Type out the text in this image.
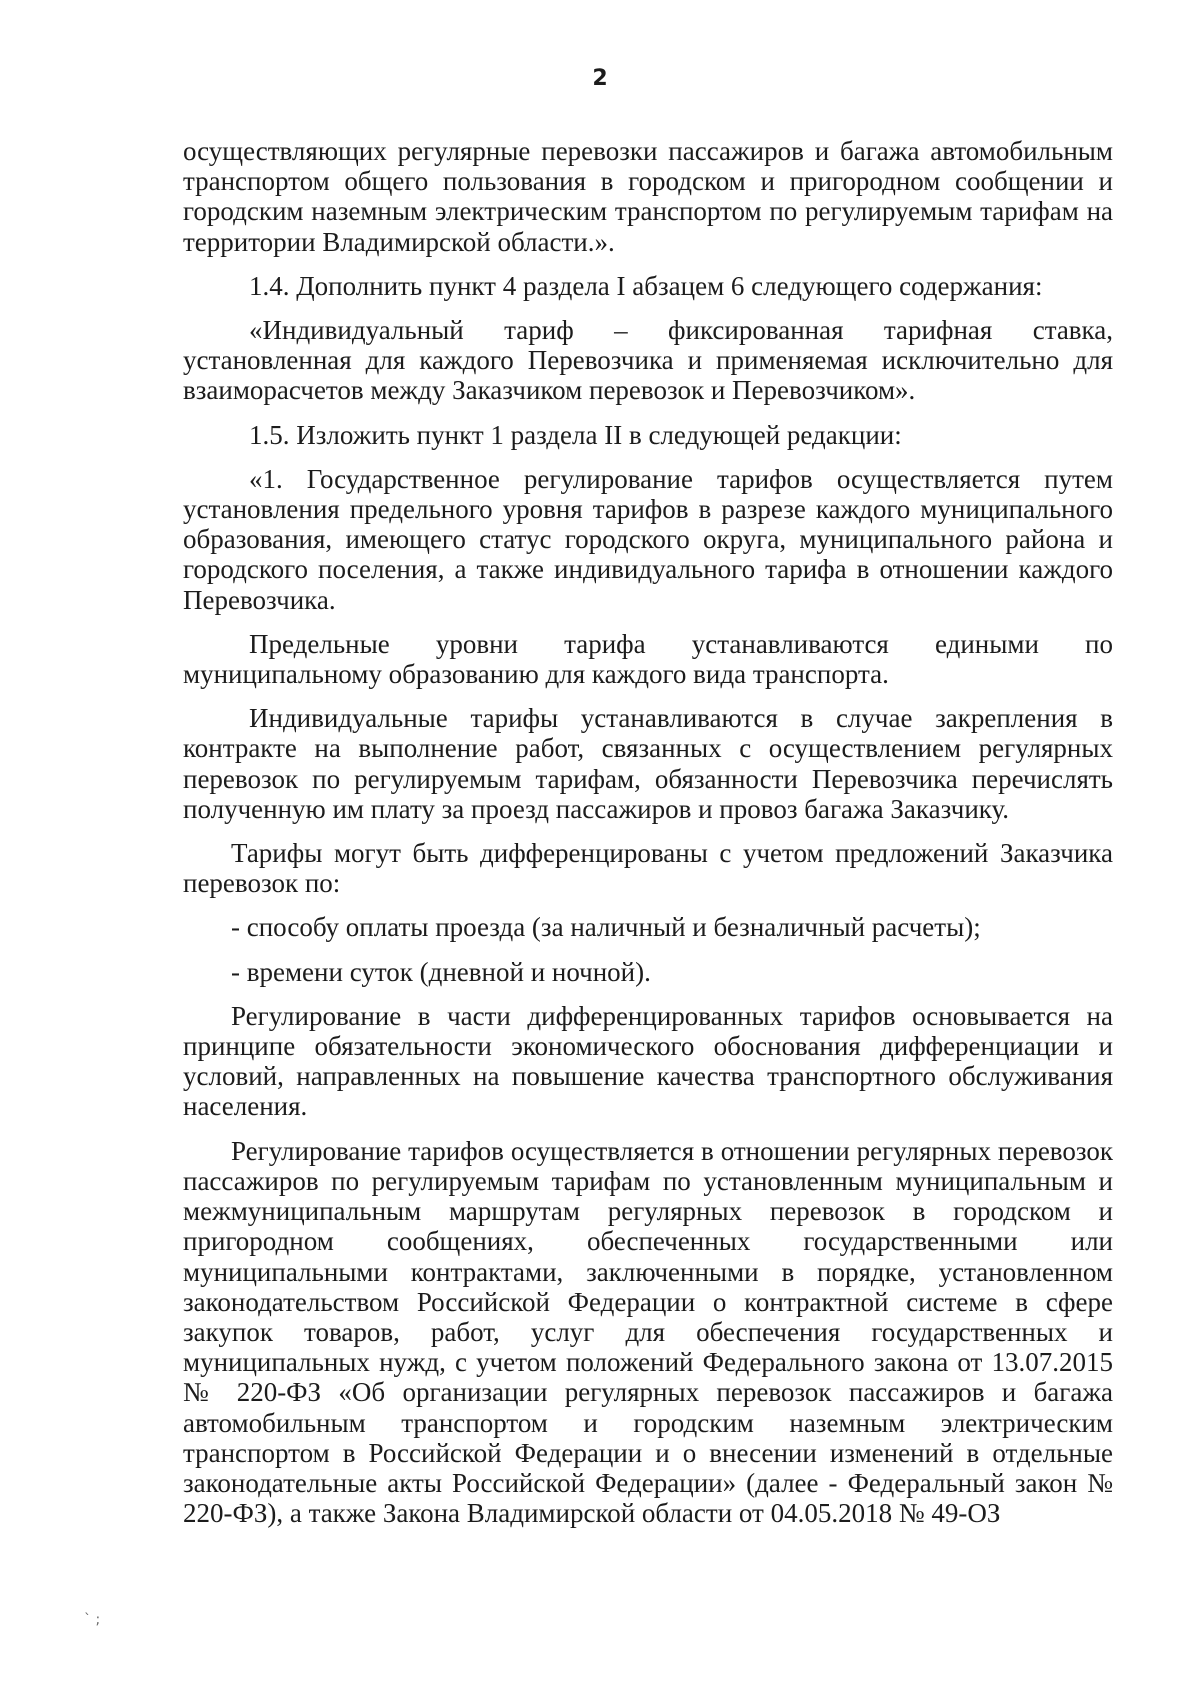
2

осуществляющих регулярные перевозки пассажиров и багажа автомобильным транспортом общего пользования в городском и пригородном сообщении и городским наземным электрическим транспортом по регулируемым тарифам на территории Владимирской области.».

1.4. Дополнить пункт 4 раздела I абзацем 6 следующего содержания:

«Индивидуальный тариф – фиксированная тарифная ставка, установленная для каждого Перевозчика и применяемая исключительно для взаиморасчетов между Заказчиком перевозок и Перевозчиком».

1.5. Изложить пункт 1 раздела II в следующей редакции:

«1. Государственное регулирование тарифов осуществляется путем установления предельного уровня тарифов в разрезе каждого муниципального образования, имеющего статус городского округа, муниципального района и городского поселения, а также индивидуального тарифа в отношении каждого Перевозчика.

Предельные уровни тарифа устанавливаются едиными по муниципальному образованию для каждого вида транспорта.

Индивидуальные тарифы устанавливаются в случае закрепления в контракте на выполнение работ, связанных с осуществлением регулярных перевозок по регулируемым тарифам, обязанности Перевозчика перечислять полученную им плату за проезд пассажиров и провоз багажа Заказчику.

Тарифы могут быть дифференцированы с учетом предложений Заказчика перевозок по:

- способу оплаты проезда (за наличный и безналичный расчеты);

- времени суток (дневной и ночной).

Регулирование в части дифференцированных тарифов основывается на принципе обязательности экономического обоснования дифференциации и условий, направленных на повышение качества транспортного обслуживания населения.

Регулирование тарифов осуществляется в отношении регулярных перевозок пассажиров по регулируемым тарифам по установленным муниципальным и межмуниципальным маршрутам регулярных перевозок в городском и пригородном сообщениях, обеспеченных государственными или муниципальными контрактами, заключенными в порядке, установленном законодательством Российской Федерации о контрактной системе в сфере закупок товаров, работ, услуг для обеспечения государственных и муниципальных нужд, с учетом положений Федерального закона от 13.07.2015 № 220-ФЗ «Об организации регулярных перевозок пассажиров и багажа автомобильным транспортом и городским наземным электрическим транспортом в Российской Федерации и о внесении изменений в отдельные законодательные акты Российской Федерации» (далее - Федеральный закон № 220-ФЗ), а также Закона Владимирской области от 04.05.2018 № 49-ОЗ

` ;
